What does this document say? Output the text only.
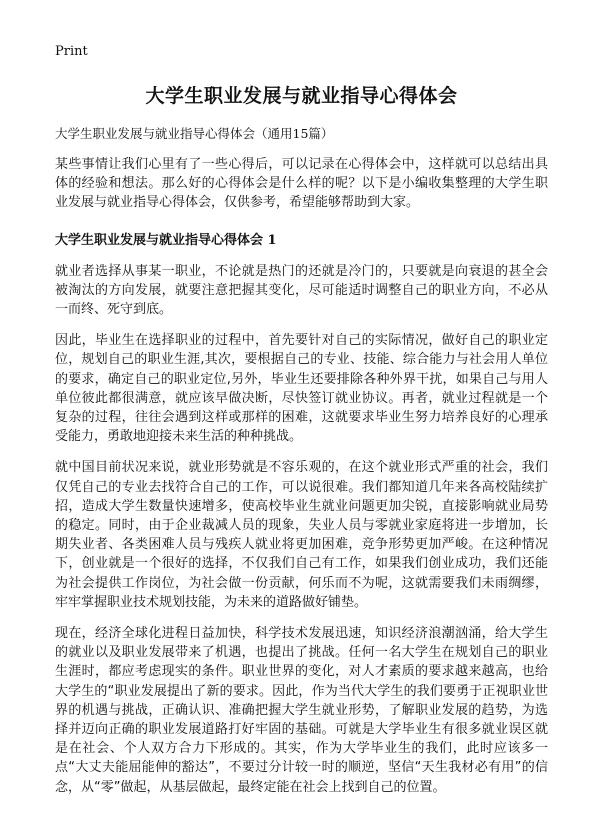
Print
大学生职业发展与就业指导心得体会
大学生职业发展与就业指导心得体会（通用15篇）

某些事情让我们心里有了一些心得后，可以记录在心得体会中，这样就可以总结出具体的经验和想法。那么好的心得体会是什么样的呢？以下是小编收集整理的大学生职业发展与就业指导心得体会，仅供参考，希望能够帮助到大家。

大学生职业发展与就业指导心得体会 1

就业者选择从事某一职业，不论就是热门的还就是冷门的，只要就是向衰退的甚全会被淘汰的方向发展，就要注意把握其变化，尽可能适时调整自己的职业方向，不必从一而终、死守到底。

因此，毕业生在选择职业的过程中，首先要针对自己的实际情况，做好自己的职业定位，规划自己的职业生涯,其次，要根据自己的专业、技能、综合能力与社会用人单位的要求，确定自己的职业定位,另外，毕业生还要排除各种外界干扰，如果自己与用人单位彼此都很满意，就应该早做决断，尽快签订就业协议。再者，就业过程就是一个复杂的过程，往往会遇到这样或那样的困难，这就要求毕业生努力培养良好的心理承受能力，勇敢地迎接未来生活的种种挑战。

就中国目前状况来说，就业形势就是不容乐观的，在这个就业形式严重的社会，我们仅凭自己的专业去找符合自己的工作，可以说很难。我们都知道几年来各高校陆续扩招，造成大学生数量快速增多，使高校毕业生就业问题更加尖锐，直接影响就业局势的稳定。同时，由于企业裁减人员的现象，失业人员与零就业家庭将进一步增加，长期失业者、各类困难人员与残疾人就业将更加困难，竞争形势更加严峻。在这种情况下，创业就是一个很好的选择，不仅我们自己有工作，如果我们创业成功，我们还能为社会提供工作岗位，为社会做一份贡献，何乐而不为呢，这就需要我们未雨绸缪，牢牢掌握职业技术规划技能，为未来的道路做好铺垫。

现在，经济全球化进程日益加快，科学技术发展迅速，知识经济浪潮汹涌，给大学生的就业以及职业发展带来了机遇，也提出了挑战。任何一名大学生在规划自己的职业生涯时，都应考虑现实的条件。职业世界的变化，对人才素质的要求越来越高，也给大学生的“职业发展提出了新的要求。因此，作为当代大学生的我们要勇于正视职业世界的机遇与挑战，正确认识、准确把握大学生就业形势，了解职业发展的趋势，为选择并迈向正确的职业发展道路打好牢固的基础。可就是大学毕业生有很多就业误区就是在社会、个人双方合力下形成的。其实，作为大学毕业生的我们，此时应该多一点“大丈夫能屈能伸的豁达”，不要过分计较一时的顺逆，坚信“天生我材必有用”的信念，从“零”做起，从基层做起，最终定能在社会上找到自己的位置。
